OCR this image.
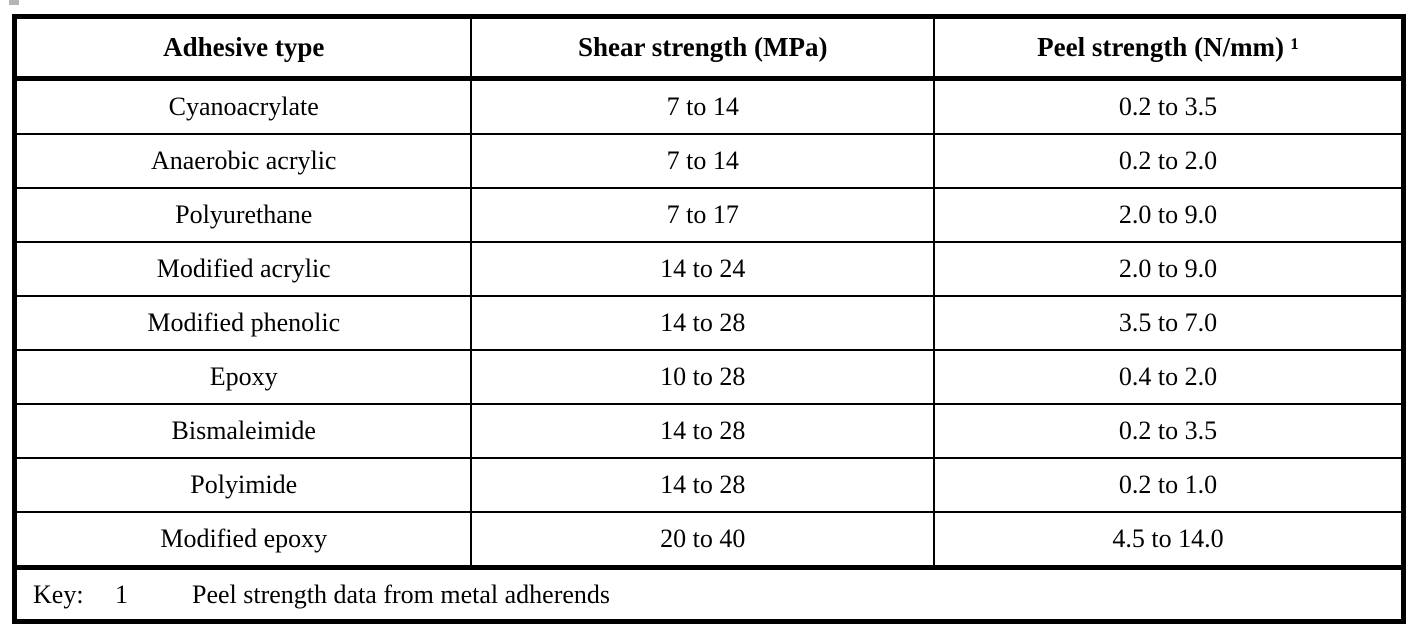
Adhesive type	Shear strength (MPa)	Peel strength (N/mm) ¹
Cyanoacrylate	7 to 14	0.2 to 3.5
Anaerobic acrylic	7 to 14	0.2 to 2.0
Polyurethane	7 to 17	2.0 to 9.0
Modified acrylic	14 to 24	2.0 to 9.0
Modified phenolic	14 to 28	3.5 to 7.0
Epoxy	10 to 28	0.4 to 2.0
Bismaleimide	14 to 28	0.2 to 3.5
Polyimide	14 to 28	0.2 to 1.0
Modified epoxy	20 to 40	4.5 to 14.0
Key: 1 Peel strength data from metal adherends		
